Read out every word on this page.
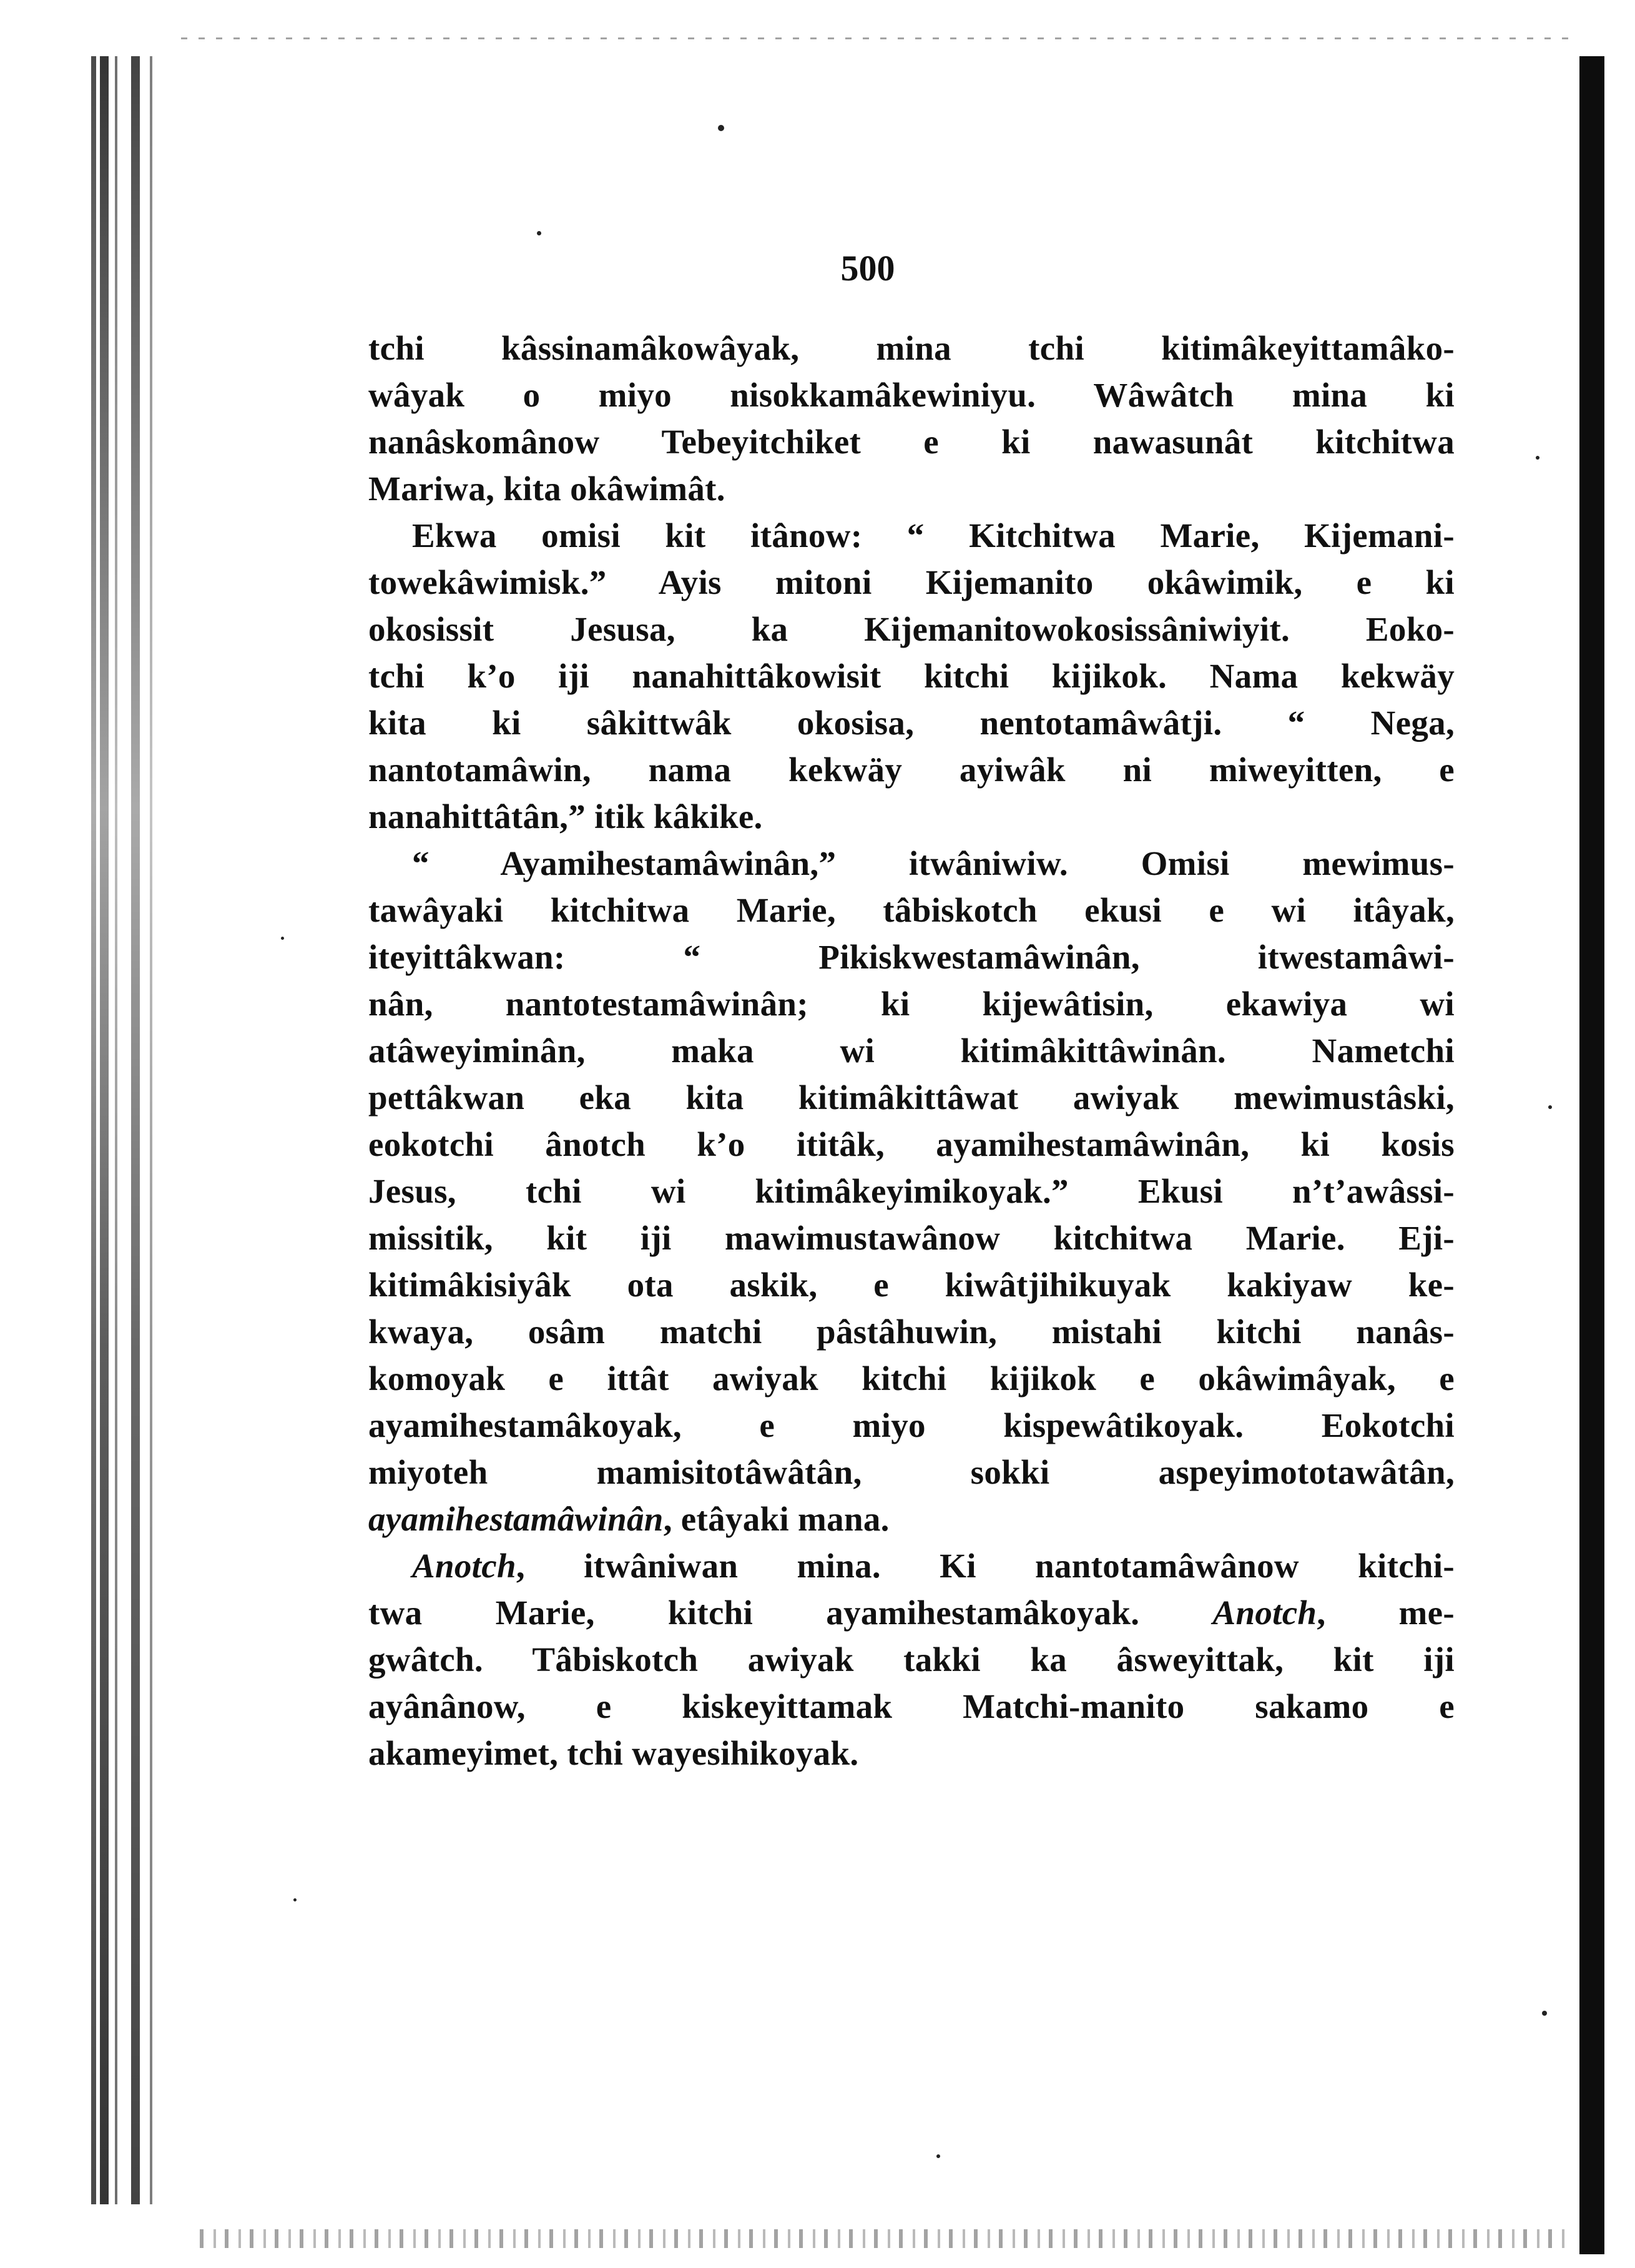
500
tchi kâssinamâkowâyak, mina tchi kitimâkeyittamâko-
wâyak o miyo nisokkamâkewiniyu. Wâwâtch mina ki
nanâskomânow Tebeyitchiket e ki nawasunât kitchitwa
Mariwa, kita okâwimât.
Ekwa omisi kit itânow: “ Kitchitwa Marie, Kijemani-
towekâwimisk.” Ayis mitoni Kijemanito okâwimik, e ki
okosissit Jesusa, ka Kijemanitowokosissâniwiyit. Eoko-
tchi k’o iji nanahittâkowisit kitchi kijikok. Nama kekwäy
kita ki sâkittwâk okosisa, nentotamâwâtji. “ Nega,
nantotamâwin, nama kekwäy ayiwâk ni miweyitten, e
nanahittâtân,” itik kâkike.
“ Ayamihestamâwinân,” itwâniwiw. Omisi mewimus-
tawâyaki kitchitwa Marie, tâbiskotch ekusi e wi itâyak,
iteyittâkwan: “ Pikiskwestamâwinân, itwestamâwi-
nân, nantotestamâwinân; ki kijewâtisin, ekawiya wi
atâweyiminân, maka wi kitimâkittâwinân. Nametchi
pettâkwan eka kita kitimâkittâwat awiyak mewimustâski,
eokotchi ânotch k’o ititâk, ayamihestamâwinân, ki kosis
Jesus, tchi wi kitimâkeyimikoyak.” Ekusi n’t’awâssi-
missitik, kit iji mawimustawânow kitchitwa Marie. Eji-
kitimâkisiyâk ota askik, e kiwâtjihikuyak kakiyaw ke-
kwaya, osâm matchi pâstâhuwin, mistahi kitchi nanâs-
komoyak e ittât awiyak kitchi kijikok e okâwimâyak, e
ayamihestamâkoyak, e miyo kispewâtikoyak. Eokotchi
miyoteh mamisitotâwâtân, sokki aspeyimototawâtân,
ayamihestamâwinân, etâyaki mana.
Anotch, itwâniwan mina. Ki nantotamâwânow kitchi-
twa Marie, kitchi ayamihestamâkoyak. Anotch, me-
gwâtch. Tâbiskotch awiyak takki ka âsweyittak, kit iji
ayânânow, e kiskeyittamak Matchi-manito sakamo e
akameyimet, tchi wayesihikoyak.
